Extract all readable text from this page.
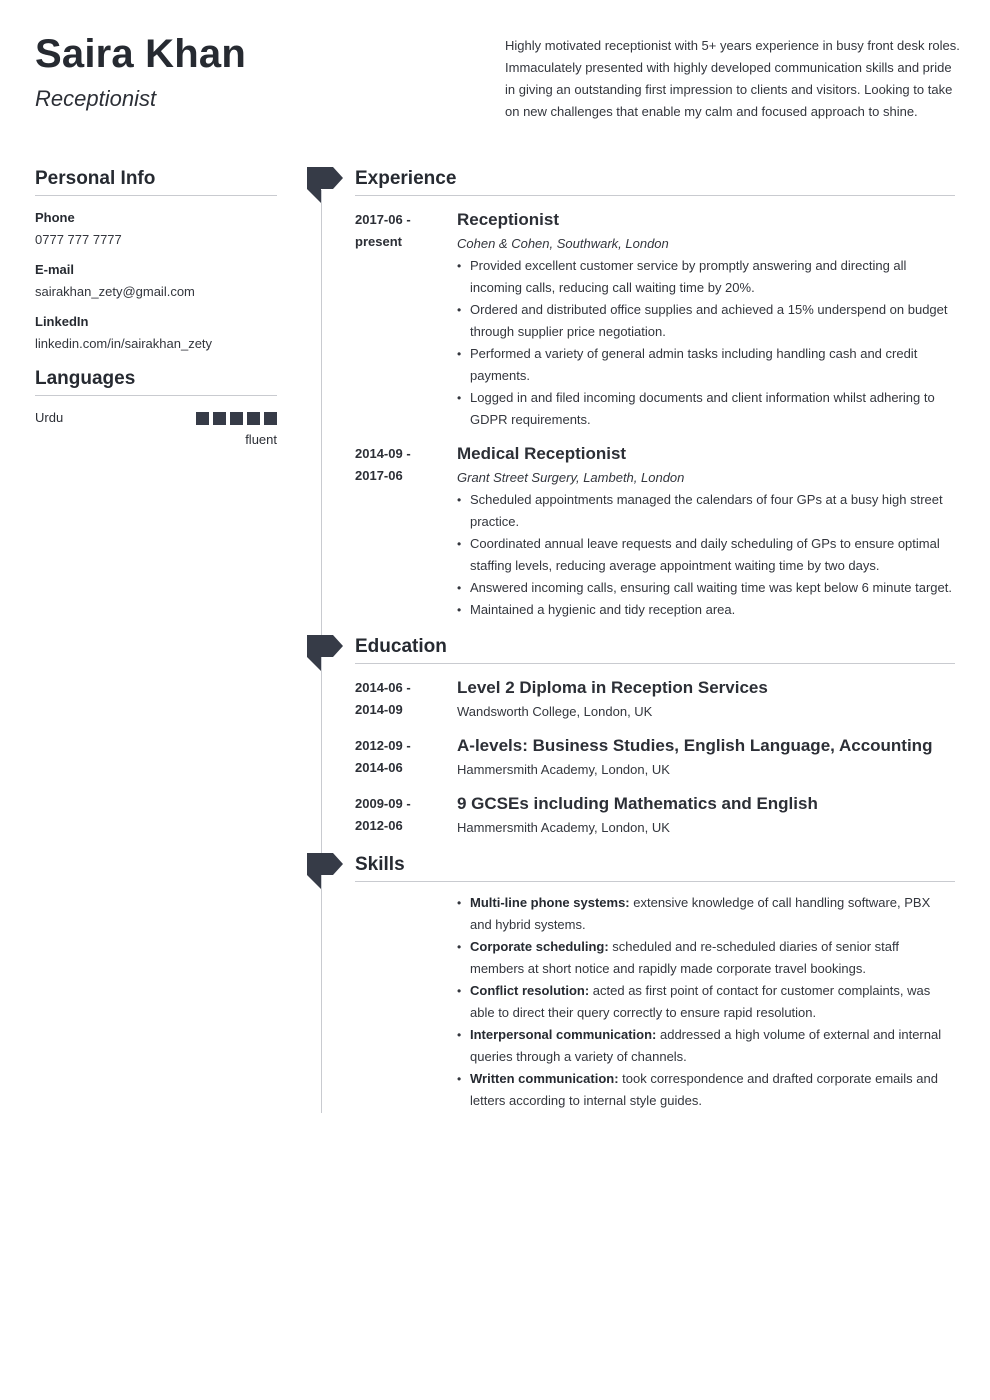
Saira Khan
Receptionist

Highly motivated receptionist with 5+ years experience in busy front desk roles. Immaculately presented with highly developed communication skills and pride in giving an outstanding first impression to clients and visitors. Looking to take on new challenges that enable my calm and focused approach to shine.

Personal Info
Phone
0777 777 7777
E-mail
sairakhan_zety@gmail.com
LinkedIn
linkedin.com/in/sairakhan_zety
Languages
Urdu
fluent
Experience
2017-06 -
present
Receptionist
Cohen & Cohen, Southwark, London
• Provided excellent customer service by promptly answering and directing all incoming calls, reducing call waiting time by 20%.
• Ordered and distributed office supplies and achieved a 15% underspend on budget through supplier price negotiation.
• Performed a variety of general admin tasks including handling cash and credit payments.
• Logged in and filed incoming documents and client information whilst adhering to GDPR requirements.
2014-09 -
2017-06
Medical Receptionist
Grant Street Surgery, Lambeth, London
• Scheduled appointments managed the calendars of four GPs at a busy high street practice.
• Coordinated annual leave requests and daily scheduling of GPs to ensure optimal staffing levels, reducing average appointment waiting time by two days.
• Answered incoming calls, ensuring call waiting time was kept below 6 minute target.
• Maintained a hygienic and tidy reception area.
Education
2014-06 -
2014-09
Level 2 Diploma in Reception Services
Wandsworth College, London, UK
2012-09 -
2014-06
A-levels: Business Studies, English Language, Accounting
Hammersmith Academy, London, UK
2009-09 -
2012-06
9 GCSEs including Mathematics and English
Hammersmith Academy, London, UK
Skills
• Multi-line phone systems: extensive knowledge of call handling software, PBX and hybrid systems.
• Corporate scheduling: scheduled and re-scheduled diaries of senior staff members at short notice and rapidly made corporate travel bookings.
• Conflict resolution: acted as first point of contact for customer complaints, was able to direct their query correctly to ensure rapid resolution.
• Interpersonal communication: addressed a high volume of external and internal queries through a variety of channels.
• Written communication: took correspondence and drafted corporate emails and letters according to internal style guides.
